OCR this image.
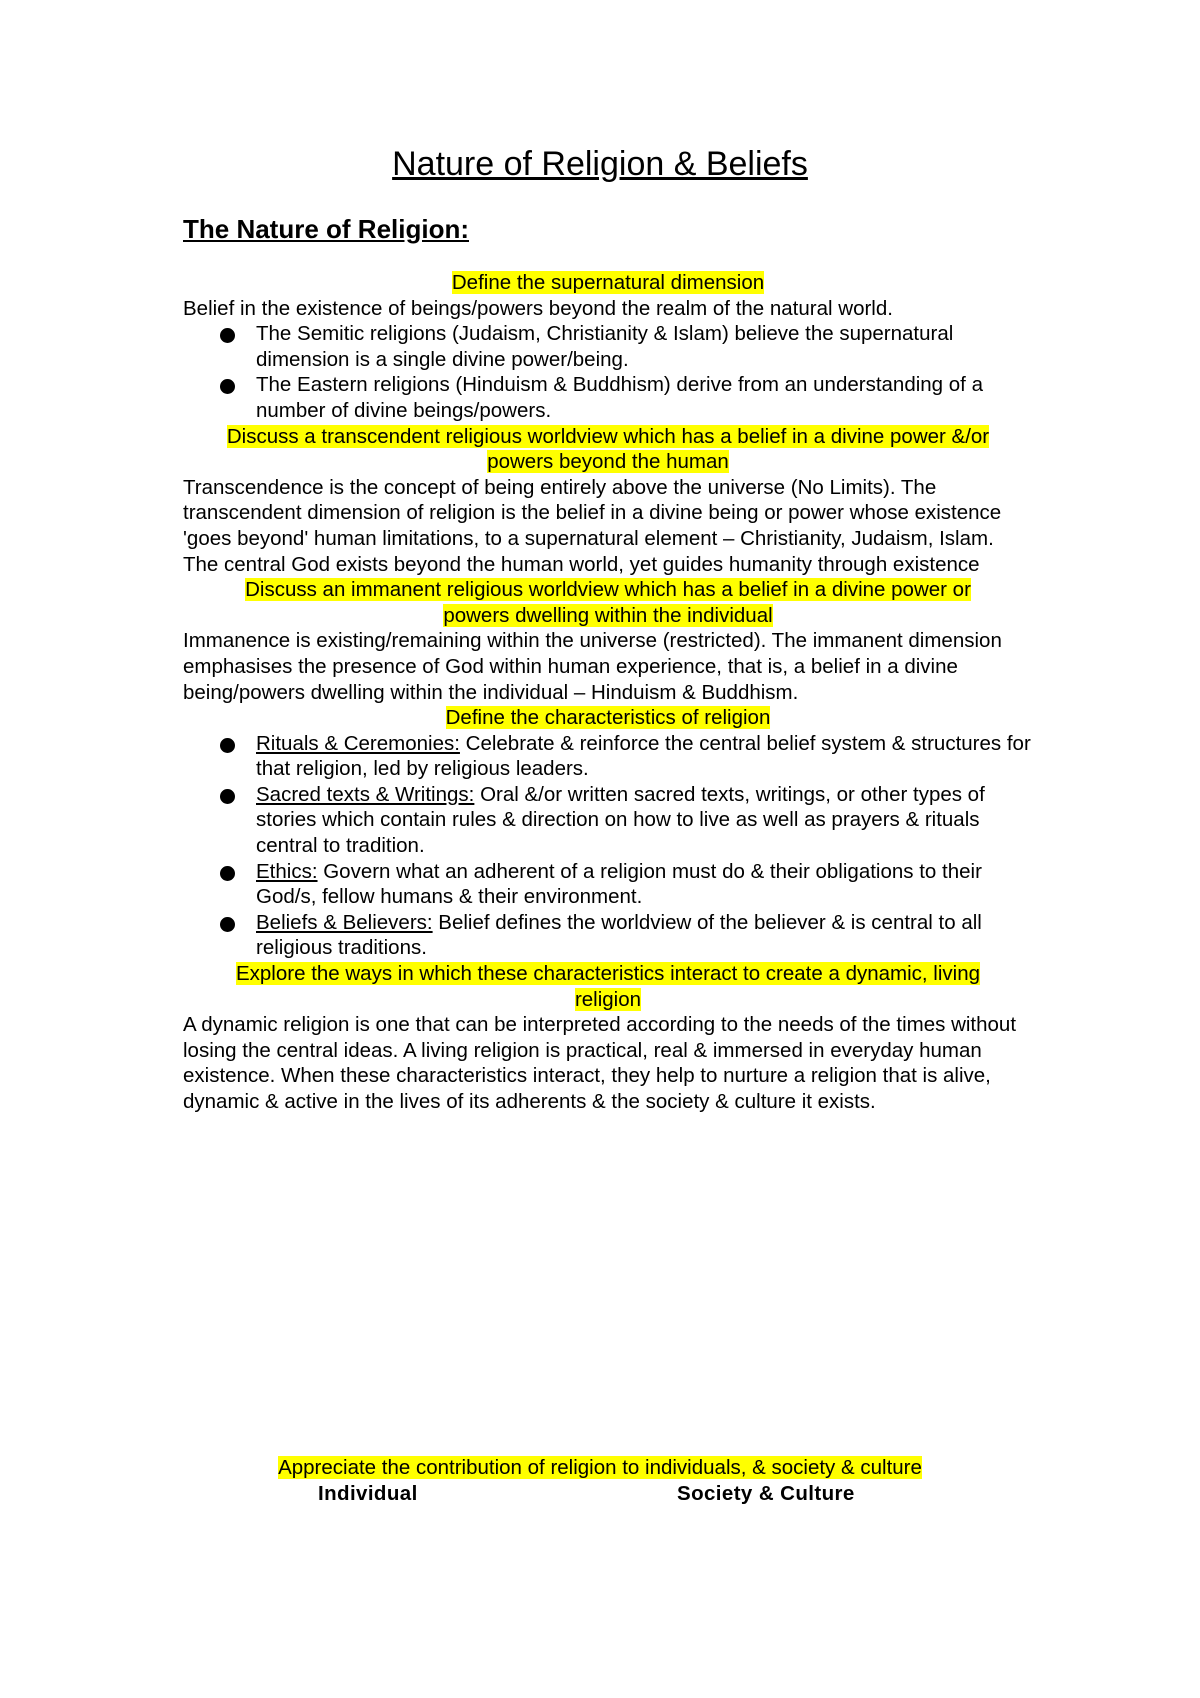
Nature of Religion & Beliefs
The Nature of Religion:

Define the supernatural dimension

Belief in the existence of beings/powers beyond the realm of the natural world.

The Semitic religions (Judaism, Christianity & Islam) believe the supernatural dimension is a single divine power/being.
The Eastern religions (Hinduism & Buddhism) derive from an understanding of a number of divine beings/powers.

Discuss a transcendent religious worldview which has a belief in a divine power &/or
powers beyond the human

Transcendence is the concept of being entirely above the universe (No Limits). The transcendent dimension of religion is the belief in a divine being or power whose existence 'goes beyond' human limitations, to a supernatural element – Christianity, Judaism, Islam.

The central God exists beyond the human world, yet guides humanity through existence

Discuss an immanent religious worldview which has a belief in a divine power or
powers dwelling within the individual

Immanence is existing/remaining within the universe (restricted). The immanent dimension emphasises the presence of God within human experience, that is, a belief in a divine being/powers dwelling within the individual – Hinduism & Buddhism.

Define the characteristics of religion

Rituals & Ceremonies: Celebrate & reinforce the central belief system & structures for that religion, led by religious leaders.
Sacred texts & Writings: Oral &/or written sacred texts, writings, or other types of stories which contain rules & direction on how to live as well as prayers & rituals central to tradition.
Ethics: Govern what an adherent of a religion must do & their obligations to their God/s, fellow humans & their environment.
Beliefs & Believers: Belief defines the worldview of the believer & is central to all religious traditions.

Explore the ways in which these characteristics interact to create a dynamic, living
religion

A dynamic religion is one that can be interpreted according to the needs of the times without losing the central ideas. A living religion is practical, real & immersed in everyday human existence. When these characteristics interact, they help to nurture a religion that is alive, dynamic & active in the lives of its adherents & the society & culture it exists.

Appreciate the contribution of religion to individuals, & society & culture
Individual	Society & Culture
